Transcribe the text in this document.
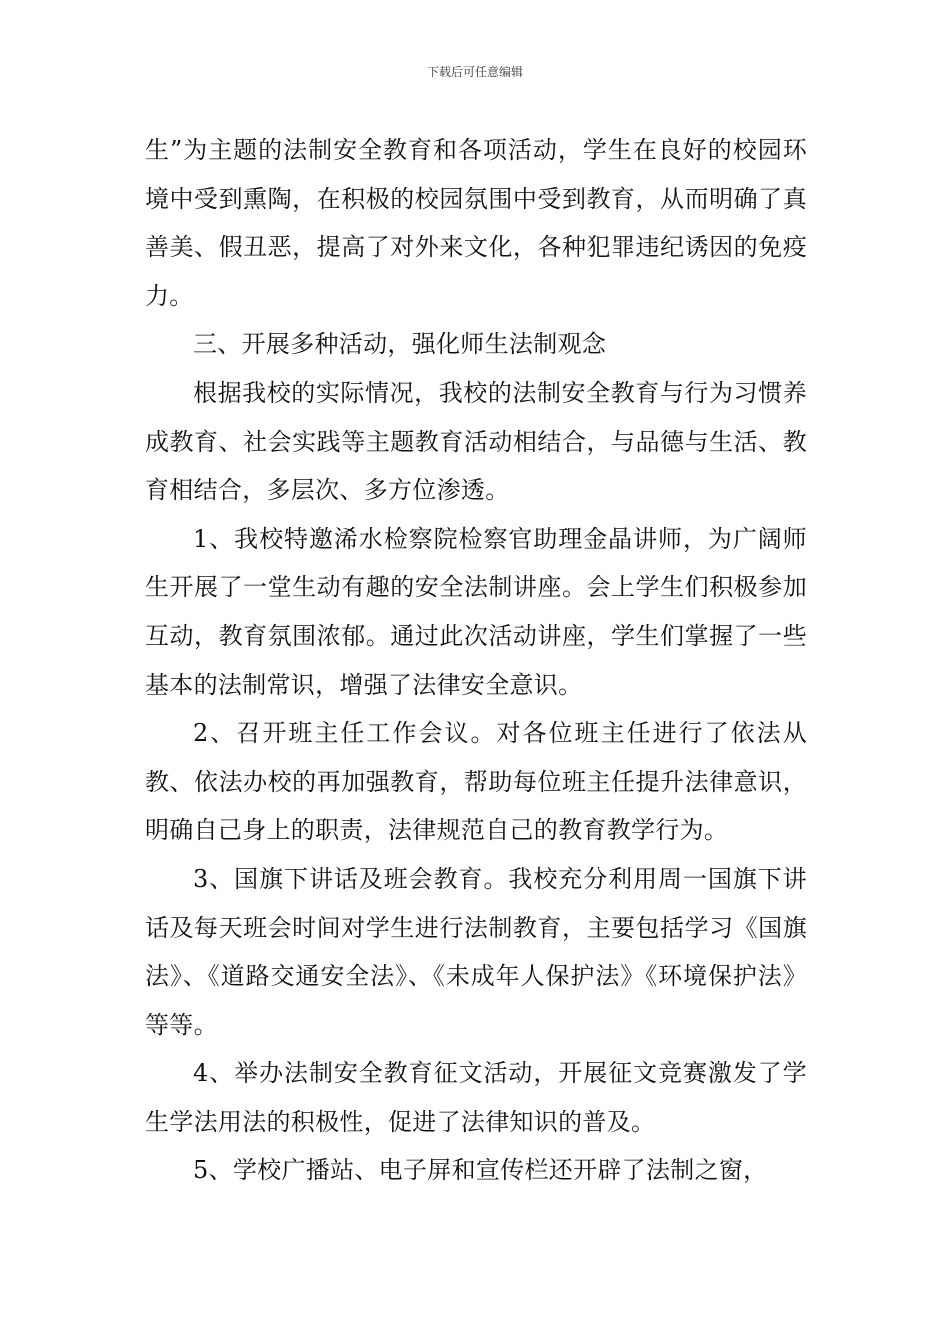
下载后可任意编辑

生”为主题的法制安全教育和各项活动，学生在良好的校园环境中受到熏陶，在积极的校园氛围中受到教育，从而明确了真善美、假丑恶，提高了对外来文化，各种犯罪违纪诱因的免疫力。

三、开展多种活动，强化师生法制观念

根据我校的实际情况，我校的法制安全教育与行为习惯养成教育、社会实践等主题教育活动相结合，与品德与生活、教育相结合，多层次、多方位渗透。

1、我校特邀浠水检察院检察官助理金晶讲师，为广阔师生开展了一堂生动有趣的安全法制讲座。会上学生们积极参加互动，教育氛围浓郁。通过此次活动讲座，学生们掌握了一些基本的法制常识，增强了法律安全意识。

2、召开班主任工作会议。对各位班主任进行了依法从教、依法办校的再加强教育，帮助每位班主任提升法律意识，明确自己身上的职责，法律规范自己的教育教学行为。

3、国旗下讲话及班会教育。我校充分利用周一国旗下讲话及每天班会时间对学生进行法制教育，主要包括学习《国旗法》、《道路交通安全法》、《未成年人保护法》《环境保护法》等等。

4、举办法制安全教育征文活动，开展征文竞赛激发了学生学法用法的积极性，促进了法律知识的普及。

5、学校广播站、电子屏和宣传栏还开辟了法制之窗，
